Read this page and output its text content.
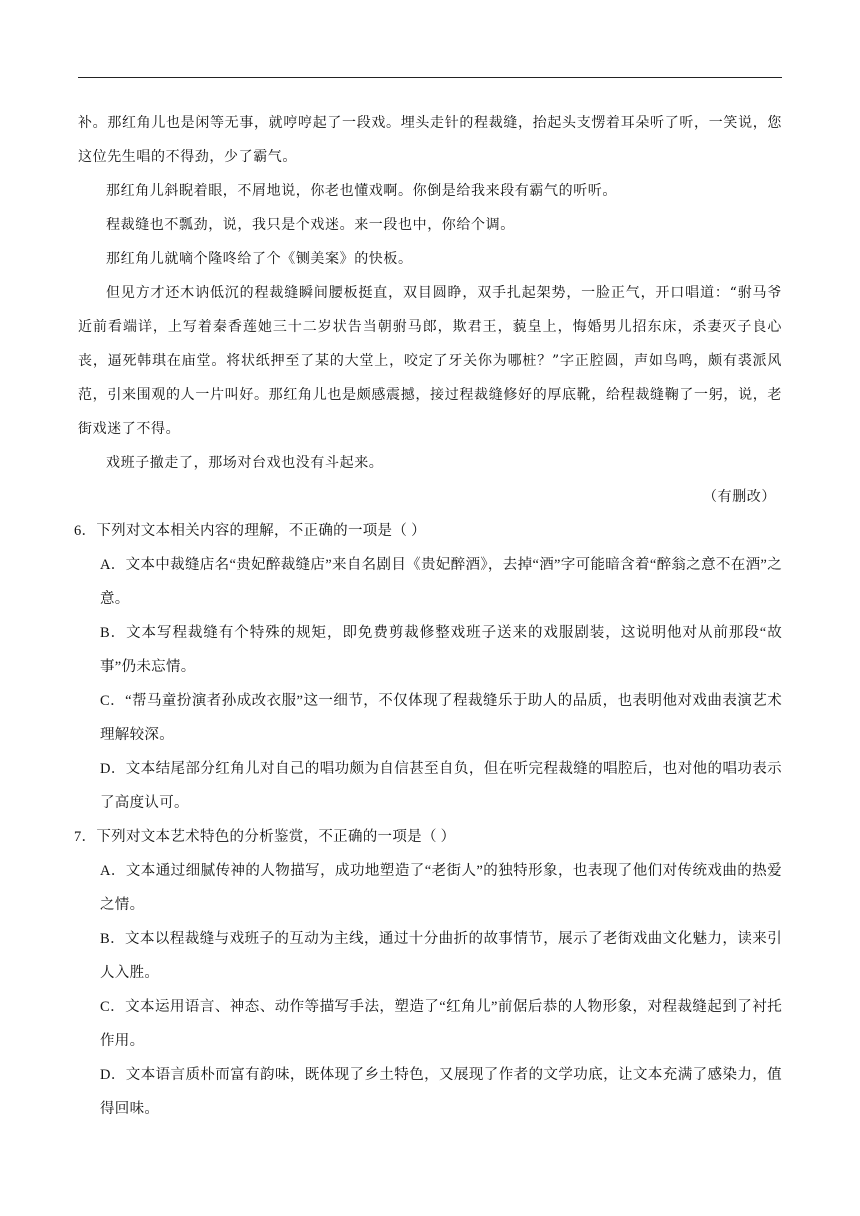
补。那红角儿也是闲等无事，就哼哼起了一段戏。埋头走针的程裁缝，抬起头支愣着耳朵听了听，一笑说，您这位先生唱的不得劲，少了霸气。

那红角儿斜睨着眼，不屑地说，你老也懂戏啊。你倒是给我来段有霸气的听听。

程裁缝也不瓢劲，说，我只是个戏迷。来一段也中，你给个调。

那红角儿就嘀个隆咚给了个《铡美案》的快板。

但见方才还木讷低沉的程裁缝瞬间腰板挺直，双目圆睁，双手扎起架势，一脸正气，开口唱道：“驸马爷近前看端详，上写着秦香莲她三十二岁状告当朝驸马郎，欺君王，藐皇上，悔婚男儿招东床，杀妻灭子良心丧，逼死韩琪在庙堂。将状纸押至了某的大堂上，咬定了牙关你为哪桩？”字正腔圆，声如鸟鸣，颇有裘派风范，引来围观的人一片叫好。那红角儿也是颇感震撼，接过程裁缝修好的厚底靴，给程裁缝鞠了一躬，说，老街戏迷了不得。

戏班子撤走了，那场对台戏也没有斗起来。

（有删改）

6．下列对文本相关内容的理解，不正确的一项是（ ）

A．文本中裁缝店名“贵妃醉裁缝店”来自名剧目《贵妃醉酒》，去掉“酒”字可能暗含着“醉翁之意不在酒”之意。

B．文本写程裁缝有个特殊的规矩，即免费剪裁修整戏班子送来的戏服剧装，这说明他对从前那段“故事”仍未忘情。

C．“帮马童扮演者孙成改衣服”这一细节，不仅体现了程裁缝乐于助人的品质，也表明他对戏曲表演艺术理解较深。

D．文本结尾部分红角儿对自己的唱功颇为自信甚至自负，但在听完程裁缝的唱腔后，也对他的唱功表示了高度认可。

7．下列对文本艺术特色的分析鉴赏，不正确的一项是（ ）

A．文本通过细腻传神的人物描写，成功地塑造了“老街人”的独特形象，也表现了他们对传统戏曲的热爱之情。

B．文本以程裁缝与戏班子的互动为主线，通过十分曲折的故事情节，展示了老街戏曲文化魅力，读来引人入胜。

C．文本运用语言、神态、动作等描写手法，塑造了“红角儿”前倨后恭的人物形象，对程裁缝起到了衬托作用。

D．文本语言质朴而富有韵味，既体现了乡土特色，又展现了作者的文学功底，让文本充满了感染力，值得回味。
